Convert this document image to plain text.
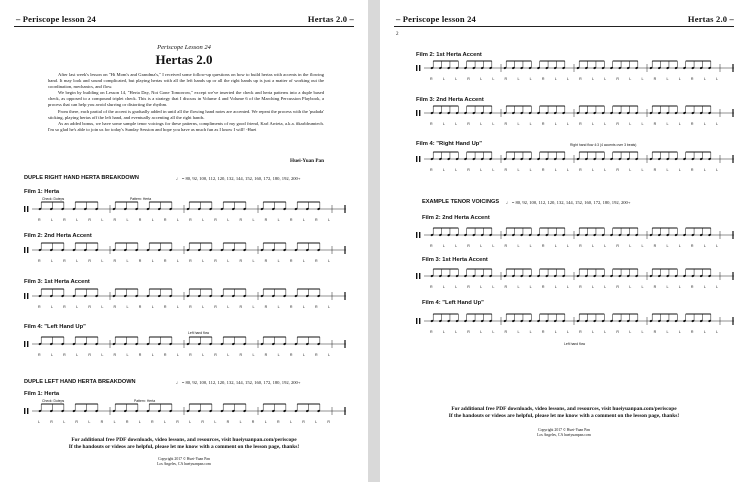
– Periscope lesson 24	Hertas 2.0 –
Periscope Lesson 24
Hertas 2.0

After last week's lesson on "Hi Mom's and Grandma's," I received some follow-up questions on how to build hertas with accents in the flowing hand. It may look and sound complicated, but playing hertas with all the left hands up or all the right hands up is just a matter of working out the coordination, mechanics, and flow.

We begin by building on Lesson 14, "Herta Day, Not Gone Tomorrow," except we've inserted the check and herta patterns into a duple based check, as opposed to a compound triplet check. This is a strategy that I discuss in Volume 4 and Volume 6 of the Marching Percussion Playbook, a process that can help you avoid slurring or distorting the rhythm.

From there, each partial of the accent is gradually added in until all the flowing hand notes are accented. We repeat the process with the 'pudada' sticking, playing hertas off the left hand, and eventually accenting all the right hands.

As an added bonus, we have some sample tenor voicings for these patterns, compliments of my good friend, Karl Arrieta, a.k.a. #karldrumtech. I'm so glad he's able to join us for today's Sunday Session and hope you have as much fun as I know I will! -Huei

Huei-Yuan Pan
DUPLE RIGHT HAND HERTA BREAKDOWN	♩ = 80, 92, 100, 112, 120, 132, 144, 152, 160, 172, 180, 192, 200+
Film 1: Herta
Check: Duteps	Pattern: Herta
R L R L R L R L R L R L R L R L R L R L R L R L
Film 2: 2nd Herta Accent
R L R L R L R L R L R L R L R L R L R L R L R L
Film 3: 1st Herta Accent
R L R L R L R L R L R L R L R L R L R L R L R L
Film 4: "Left Hand Up"
Left hand flow
R L R L R L R L R L R L R L R L R L R L R L R L
DUPLE LEFT HAND HERTA BREAKDOWN	♩ = 80, 92, 100, 112, 120, 132, 144, 152, 160, 172, 180, 192, 200+
Film 1: Herta
Check: Duteps	Pattern: Herta
L R L R L R L R L R L R L R L R L R L R L R L R
For additional free PDF downloads, video lessons, and resources, visit hueiyuanpan.com/periscope
If the handouts or videos are helpful, please let me know with a comment on the lesson page, thanks!
Copyright 2017 © Huei-Yuan Pan
Los Angeles, CA hueiyuanpan.com
– Periscope lesson 24	Hertas 2.0 –
2
Film 2: 1st Herta Accent
R L L R L L R L L R L L R L L R L L R L L R L L
Film 3: 2nd Herta Accent
R L L R L L R L L R L L R L L R L L R L L R L L
Film 4: "Right Hand Up"	Right hand flow 4:3 (4 accents over 3 beats)
R L L R L L R L L R L L R L L R L L R L L R L L
EXAMPLE TENOR VOICINGS ♩ = 80, 92, 100, 112, 120, 132, 144, 152, 160, 172, 180, 192, 200+
Film 2: 2nd Herta Accent
R L L R L L R L L R L L R L L R L L R L L R L L
Film 3: 1st Herta Accent
R L L R L L R L L R L L R L L R L L R L L R L L
Film 4: "Left Hand Up"
R L L R L L R L L R L L R L L R L L R L L R L L
Left hand flow
For additional free PDF downloads, video lessons, and resources, visit hueiyuanpan.com/periscope
If the handouts or videos are helpful, please let me know with a comment on the lesson page, thanks!
Copyright 2017 © Huei-Yuan Pan
Los Angeles, CA hueiyuanpan.com
